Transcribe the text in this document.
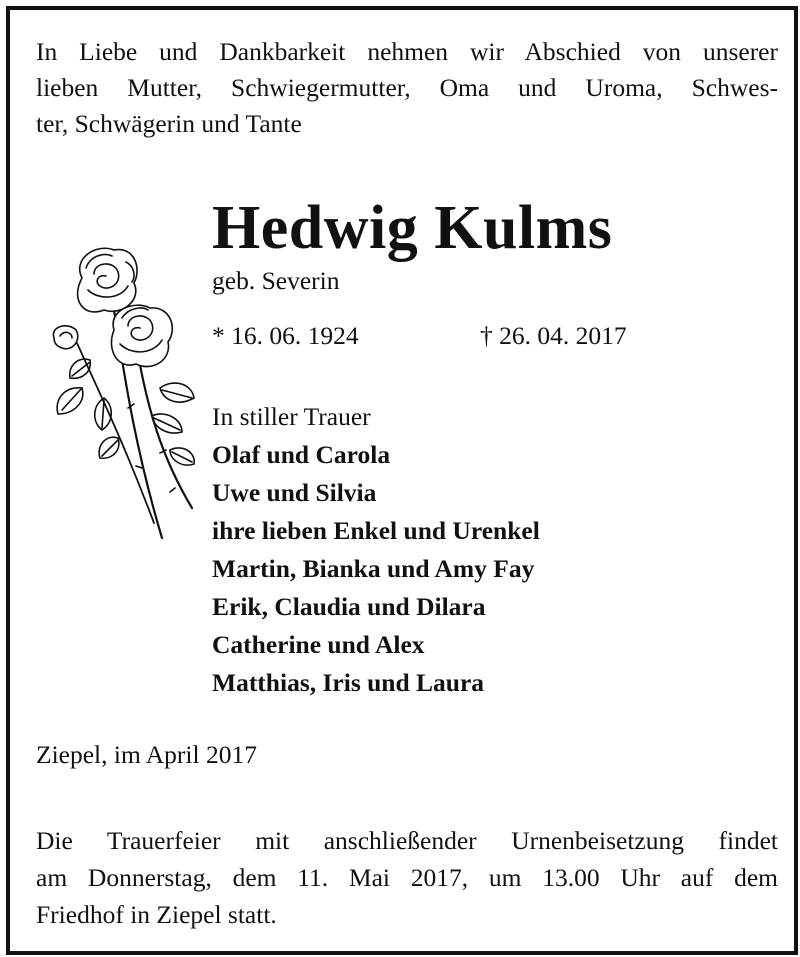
In Liebe und Dankbarkeit nehmen wir Abschied von unserer
lieben Mutter, Schwiegermutter, Oma und Uroma, Schwes-
ter, Schwägerin und Tante
Hedwig Kulms
geb. Severin
* 16. 06. 1924	† 26. 04. 2017
In stiller Trauer
Olaf und Carola
Uwe und Silvia
ihre lieben Enkel und Urenkel
Martin, Bianka und Amy Fay
Erik, Claudia und Dilara
Catherine und Alex
Matthias, Iris und Laura
Ziepel, im April 2017
Die Trauerfeier mit anschließender Urnenbeisetzung findet
am Donnerstag, dem 11. Mai 2017, um 13.00 Uhr auf dem
Friedhof in Ziepel statt.
